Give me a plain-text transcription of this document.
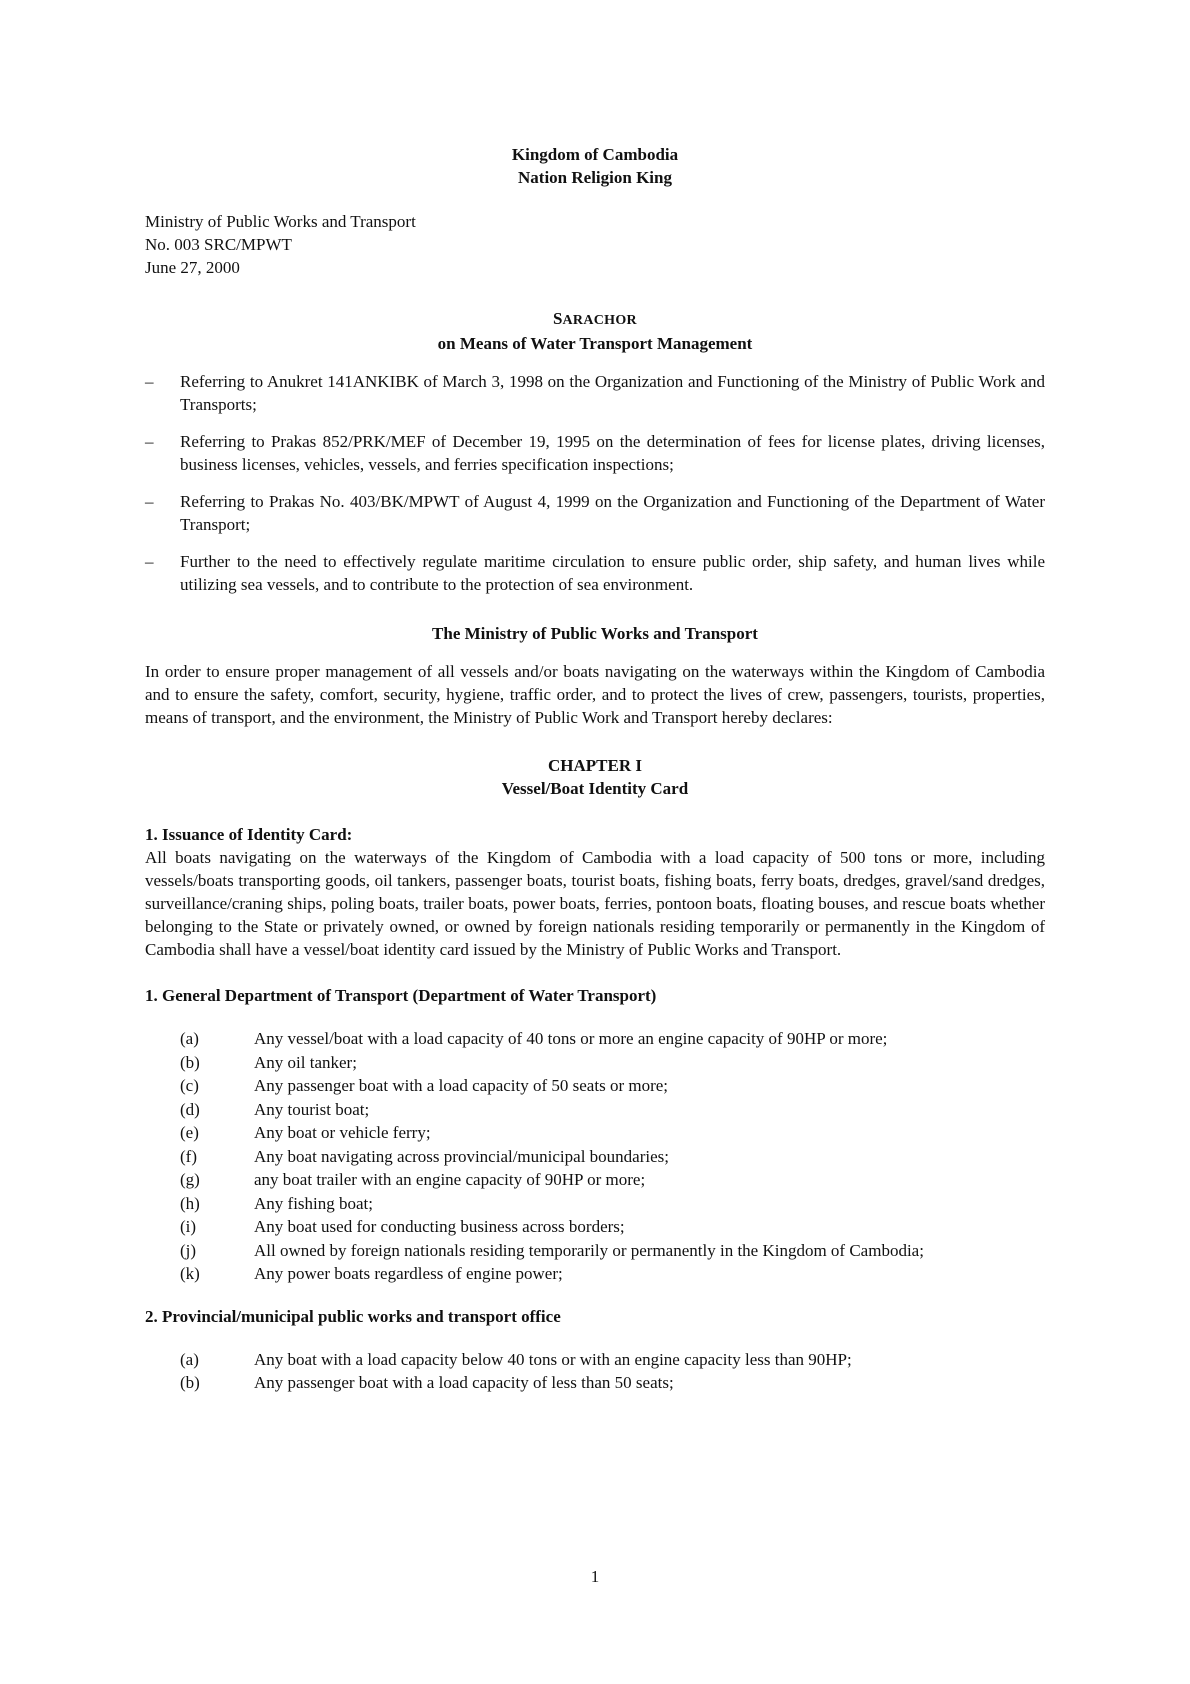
Kingdom of Cambodia
Nation Religion King
Ministry of Public Works and Transport
No. 003 SRC/MPWT
June 27, 2000
SARACHOR
on Means of Water Transport Management
–	Referring to Anukret 141ANKIBK of March 3, 1998 on the Organization and Functioning of the Ministry of Public Work and Transports;
–	Referring to Prakas 852/PRK/MEF of December 19, 1995 on the determination of fees for license plates, driving licenses, business licenses, vehicles, vessels, and ferries specification inspections;
–	Referring to Prakas No. 403/BK/MPWT of August 4, 1999 on the Organization and Functioning of the Department of Water Transport;
–	Further to the need to effectively regulate maritime circulation to ensure public order, ship safety, and human lives while utilizing sea vessels, and to contribute to the protection of sea environment.
The Ministry of Public Works and Transport
In order to ensure proper management of all vessels and/or boats navigating on the waterways within the Kingdom of Cambodia and to ensure the safety, comfort, security, hygiene, traffic order, and to protect the lives of crew, passengers, tourists, properties, means of transport, and the environment, the Ministry of Public Work and Transport hereby declares:
CHAPTER I
Vessel/Boat Identity Card
1. Issuance of Identity Card:
All boats navigating on the waterways of the Kingdom of Cambodia with a load capacity of 500 tons or more, including vessels/boats transporting goods, oil tankers, passenger boats, tourist boats, fishing boats, ferry boats, dredges, gravel/sand dredges, surveillance/craning ships, poling boats, trailer boats, power boats, ferries, pontoon boats, floating bouses, and rescue boats whether belonging to the State or privately owned, or owned by foreign nationals residing temporarily or permanently in the Kingdom of Cambodia shall have a vessel/boat identity card issued by the Ministry of Public Works and Transport.
1. General Department of Transport (Department of Water Transport)
(a)	Any vessel/boat with a load capacity of 40 tons or more an engine capacity of 90HP or more;
(b)	Any oil tanker;
(c)	Any passenger boat with a load capacity of 50 seats or more;
(d)	Any tourist boat;
(e)	Any boat or vehicle ferry;
(f)	Any boat navigating across provincial/municipal boundaries;
(g)	any boat trailer with an engine capacity of 90HP or more;
(h)	Any fishing boat;
(i)	Any boat used for conducting business across borders;
(j)	All owned by foreign nationals residing temporarily or permanently in the Kingdom of Cambodia;
(k)	Any power boats regardless of engine power;
2. Provincial/municipal public works and transport office
(a)	Any boat with a load capacity below 40 tons or with an engine capacity less than 90HP;
(b)	Any passenger boat with a load capacity of less than 50 seats;
1
